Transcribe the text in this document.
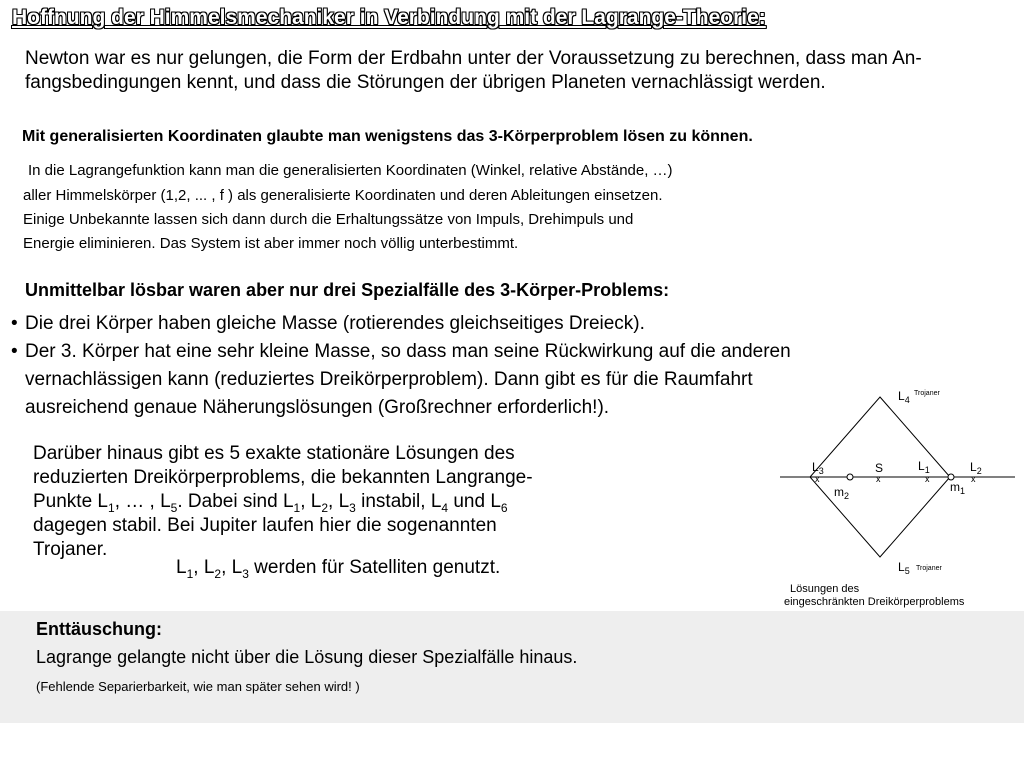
Hoffnung der Himmelsmechaniker in Verbindung mit der Lagrange-Theorie:
Newton war es nur gelungen, die Form der Erdbahn unter der Voraussetzung zu berechnen, dass man An-fangsbedingungen kennt, und dass die Störungen der übrigen Planeten vernachlässigt werden.
Mit generalisierten Koordinaten glaubte man wenigstens das 3-Körperproblem lösen zu können.
In die Lagrangefunktion kann man die generalisierten Koordinaten (Winkel, relative Abstände, …)
aller Himmelskörper (1,2, ... , f ) als generalisierte Koordinaten und deren Ableitungen einsetzen.
Einige Unbekannte lassen sich dann durch die Erhaltungssätze von Impuls, Drehimpuls und
Energie eliminieren. Das System ist aber immer noch völlig unterbestimmt.
Unmittelbar lösbar waren aber nur drei Spezialfälle des 3-Körper-Problems:
• Die drei Körper haben gleiche Masse (rotierendes gleichseitiges Dreieck).
• Der 3. Körper hat eine sehr kleine Masse, so dass man seine Rückwirkung auf die anderen
vernachlässigen kann (reduziertes Dreikörperproblem). Dann gibt es für die Raumfahrt
ausreichend genaue Näherungslösungen (Großrechner erforderlich!).
Darüber hinaus gibt es 5 exakte stationäre Lösungen des
reduzierten Dreikörperproblems, die bekannten Langrange-
Punkte $L_1$, … , $L_5$. Dabei sind $L_1$, $L_2$, $L_3$ instabil, $L_4$ und $L_6$
dagegen stabil. Bei Jupiter laufen hier die sogenannten
Trojaner.
$L_1$, $L_2$, $L_3$ werden für Satelliten genutzt.
$L_4$
Trojaner
$L_5$ Trojaner
$L_3$
x
S
x
$L_1$
x
$L_2$
x
$m_2$
$m_1$
Lösungen des
eingeschränkten Dreikörperproblems
Enttäuschung:
Lagrange gelangte nicht über die Lösung dieser Spezialfälle hinaus.
(Fehlende Separierbarkeit, wie man später sehen wird! )
